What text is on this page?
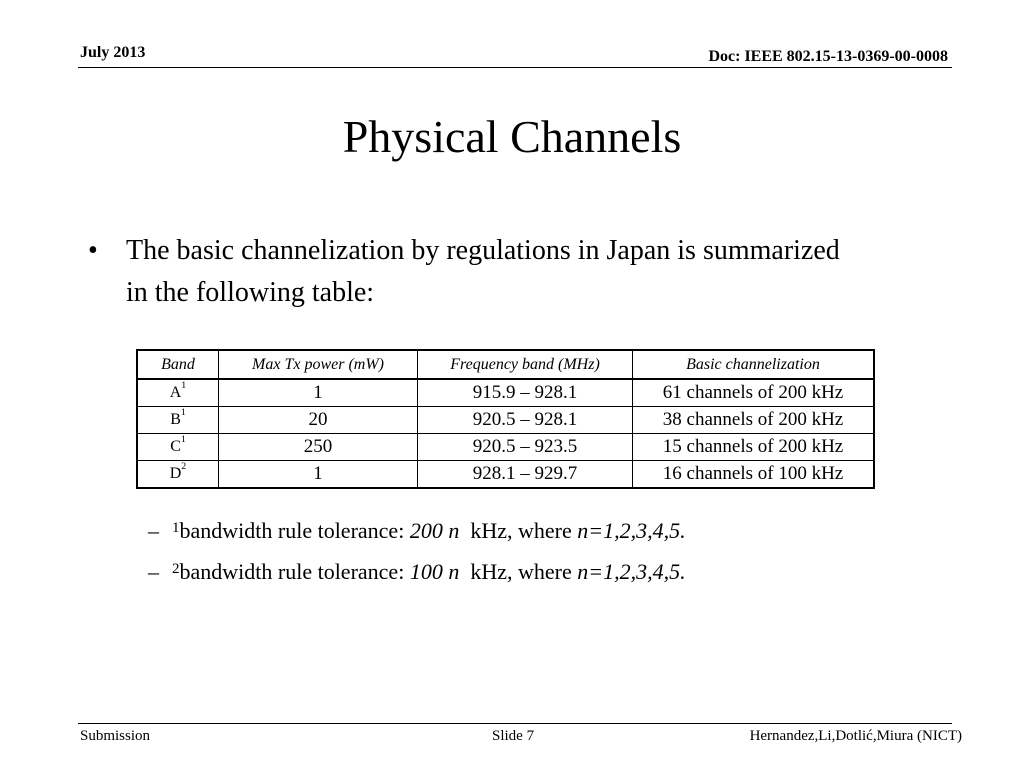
July 2013	Doc: IEEE 802.15-13-0369-00-0008
Physical Channels
•	The basic channelization by regulations in Japan is summarized in the following table:
Band	Max Tx power (mW)	Frequency band (MHz)	Basic channelization
$A^1$	1	915.9 – 928.1	61 channels of 200 kHz
$B^1$	20	920.5 – 928.1	38 channels of 200 kHz
$C^1$	250	920.5 – 923.5	15 channels of 200 kHz
$D^2$	1	928.1 – 929.7	16 channels of 100 kHz
– $^1$bandwidth rule tolerance: 200 n  kHz, where n=1,2,3,4,5.
– $^2$bandwidth rule tolerance: 100 n  kHz, where n=1,2,3,4,5.
Submission	Slide 7	Hernandez,Li,Dotlić,Miura (NICT)
